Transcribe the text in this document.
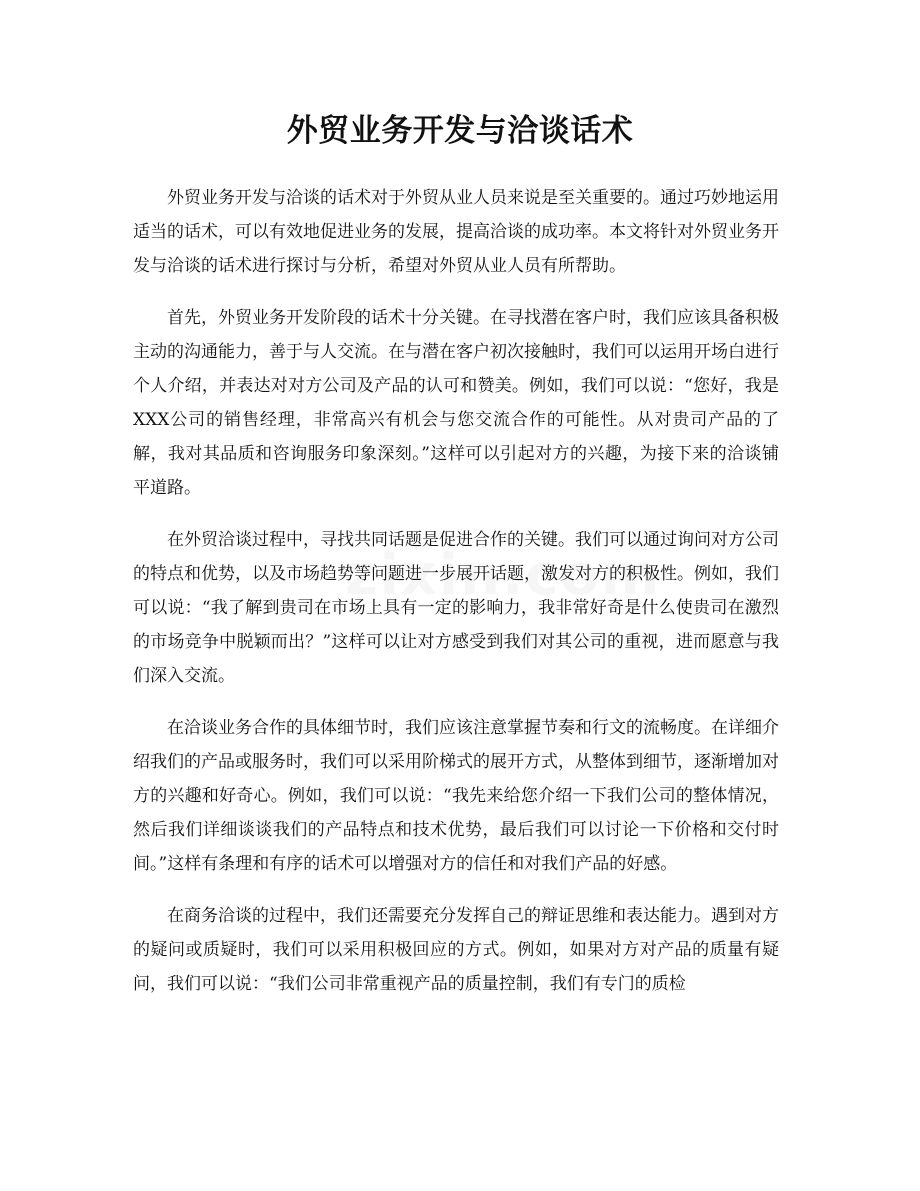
外贸业务开发与洽谈话术

外贸业务开发与洽谈的话术对于外贸从业人员来说是至关重要的。通过巧妙地运用适当的话术，可以有效地促进业务的发展，提高洽谈的成功率。本文将针对外贸业务开发与洽谈的话术进行探讨与分析，希望对外贸从业人员有所帮助。

首先，外贸业务开发阶段的话术十分关键。在寻找潜在客户时，我们应该具备积极主动的沟通能力，善于与人交流。在与潜在客户初次接触时，我们可以运用开场白进行个人介绍，并表达对对方公司及产品的认可和赞美。例如，我们可以说：“您好，我是XXX公司的销售经理，非常高兴有机会与您交流合作的可能性。从对贵司产品的了解，我对其品质和咨询服务印象深刻。”这样可以引起对方的兴趣，为接下来的洽谈铺平道路。

在外贸洽谈过程中，寻找共同话题是促进合作的关键。我们可以通过询问对方公司的特点和优势，以及市场趋势等问题进一步展开话题，激发对方的积极性。例如，我们可以说：“我了解到贵司在市场上具有一定的影响力，我非常好奇是什么使贵司在激烈的市场竞争中脱颖而出？”这样可以让对方感受到我们对其公司的重视，进而愿意与我们深入交流。

在洽谈业务合作的具体细节时，我们应该注意掌握节奏和行文的流畅度。在详细介绍我们的产品或服务时，我们可以采用阶梯式的展开方式，从整体到细节，逐渐增加对方的兴趣和好奇心。例如，我们可以说：“我先来给您介绍一下我们公司的整体情况，然后我们详细谈谈我们的产品特点和技术优势，最后我们可以讨论一下价格和交付时间。”这样有条理和有序的话术可以增强对方的信任和对我们产品的好感。

在商务洽谈的过程中，我们还需要充分发挥自己的辩证思维和表达能力。遇到对方的疑问或质疑时，我们可以采用积极回应的方式。例如，如果对方对产品的质量有疑问，我们可以说：“我们公司非常重视产品的质量控制，我们有专门的质检
